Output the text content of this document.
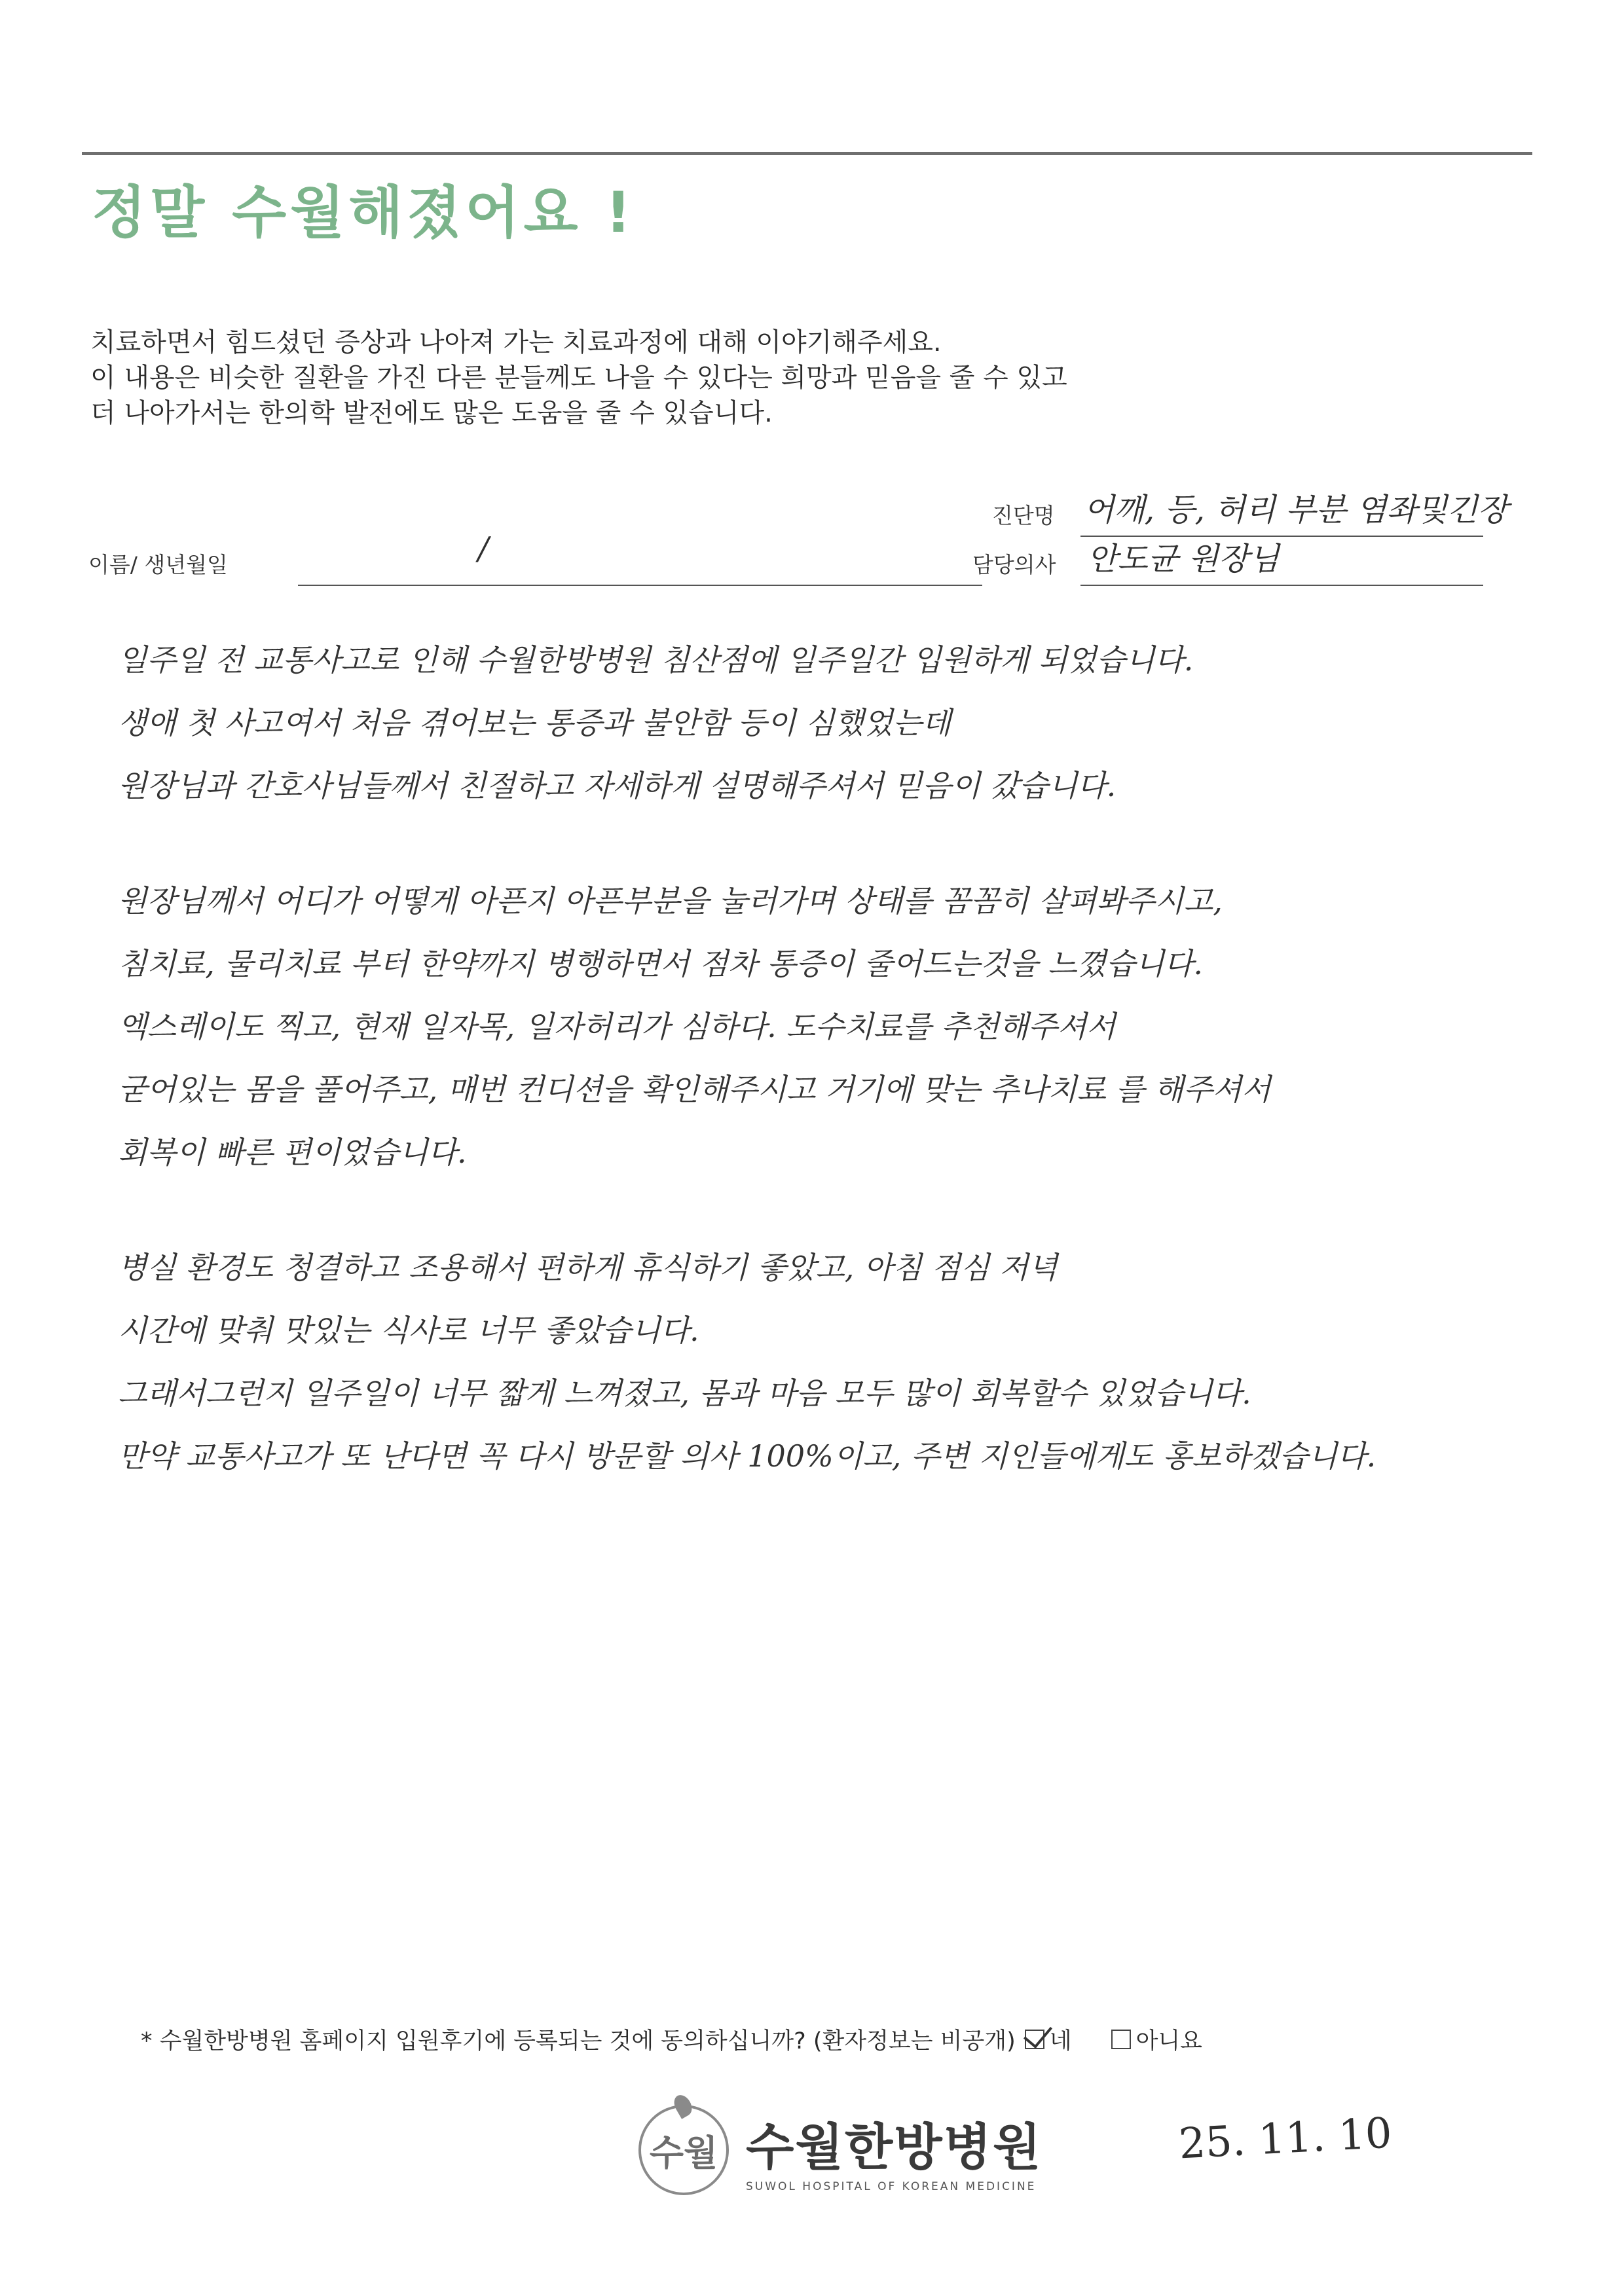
정말 수월해졌어요 !
치료하면서 힘드셨던 증상과 나아져 가는 치료과정에 대해 이야기해주세요.
이 내용은 비슷한 질환을 가진 다른 분들께도 나을 수 있다는 희망과 믿음을 줄 수 있고
더 나아가서는 한의학 발전에도 많은 도움을 줄 수 있습니다.
진단명 어깨, 등, 허리 부분 염좌및긴장
이름/ 생년월일	/	담당의사 안도균 원장님
일주일 전 교통사고로 인해 수월한방병원 침산점에 일주일간 입원하게 되었습니다.
생애 첫 사고여서 처음 겪어보는 통증과 불안함 등이 심했었는데
원장님과 간호사님들께서 친절하고 자세하게 설명해주셔서 믿음이 갔습니다.
원장님께서 어디가 어떻게 아픈지 아픈부분을 눌러가며 상태를 꼼꼼히 살펴봐주시고,
침치료, 물리치료 부터 한약까지 병행하면서 점차 통증이 줄어드는것을 느꼈습니다.
엑스레이도 찍고, 현재 일자목, 일자허리가 심하다. 도수치료를 추천해주셔서
굳어있는 몸을 풀어주고, 매번 컨디션을 확인해주시고 거기에 맞는 추나치료 를 해주셔서
회복이 빠른 편이었습니다.
병실 환경도 청결하고 조용해서 편하게 휴식하기 좋았고, 아침 점심 저녁
시간에 맞춰 맛있는 식사로 너무 좋았습니다.
그래서그런지 일주일이 너무 짧게 느껴졌고, 몸과 마음 모두 많이 회복할수 있었습니다.
만약 교통사고가 또 난다면 꼭 다시 방문할 의사 100%이고, 주변 지인들에게도 홍보하겠습니다.
* 수월한방병원 홈페이지 입원후기에 등록되는 것에 동의하십니까? (환자정보는 비공개) 네	아니요
수월 수월한방병원
SUWOL HOSPITAL OF KOREAN MEDICINE
25. 11. 10
